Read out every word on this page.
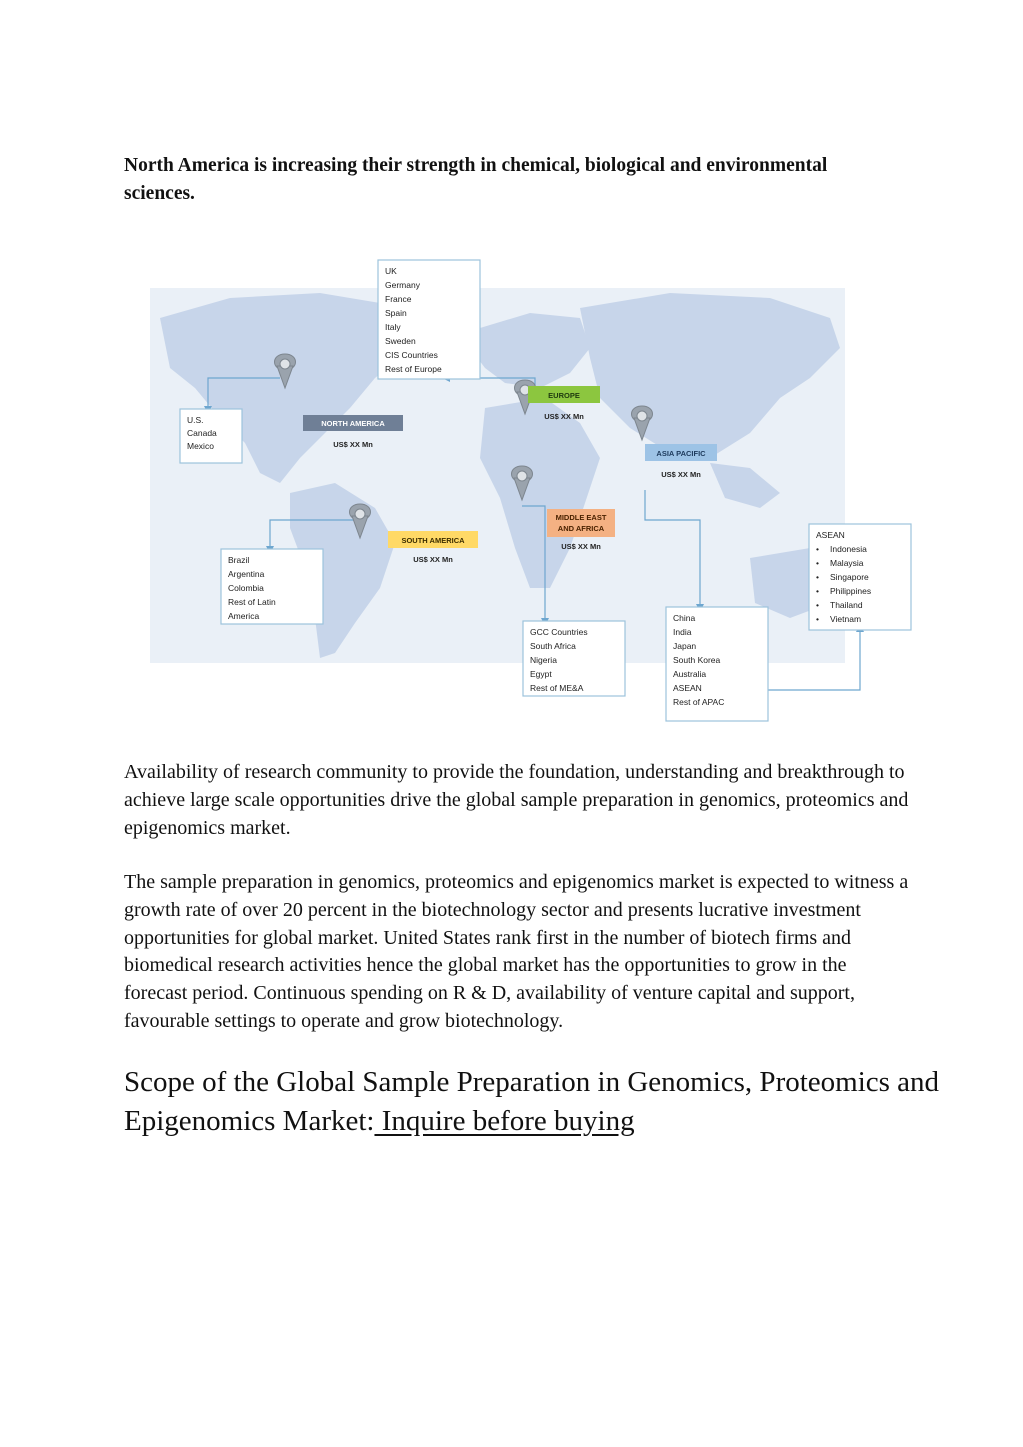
North America is increasing their strength in chemical, biological and environmental sciences.

NORTH AMERICA
US$ XX Mn
EUROPE
US$ XX Mn
ASIA PACIFIC
US$ XX Mn
MIDDLE EAST
AND AFRICA
US$ XX Mn
SOUTH AMERICA
US$ XX Mn
UK
Germany
France
Spain
Italy
Sweden
CIS Countries
Rest of Europe
U.S.
Canada
Mexico
Brazil
Argentina
Colombia
Rest of Latin
America
GCC Countries
South Africa
Nigeria
Egypt
Rest of ME&A
China
India
Japan
South Korea
Australia
ASEAN
Rest of APAC
ASEAN
• Indonesia
• Malaysia
• Singapore
• Philippines
• Thailand
• Vietnam

Availability of research community to provide the foundation, understanding and breakthrough to achieve large scale opportunities drive the global sample preparation in genomics, proteomics and epigenomics market.

The sample preparation in genomics, proteomics and epigenomics market is expected to witness a growth rate of over 20 percent in the biotechnology sector and presents lucrative investment opportunities for global market. United States rank first in the number of biotech firms and biomedical research activities hence the global market has the opportunities to grow in the forecast period. Continuous spending on R & D, availability of venture capital and support, favourable settings to operate and grow biotechnology.

Scope of the Global Sample Preparation in Genomics, Proteomics and Epigenomics Market: Inquire before buying
